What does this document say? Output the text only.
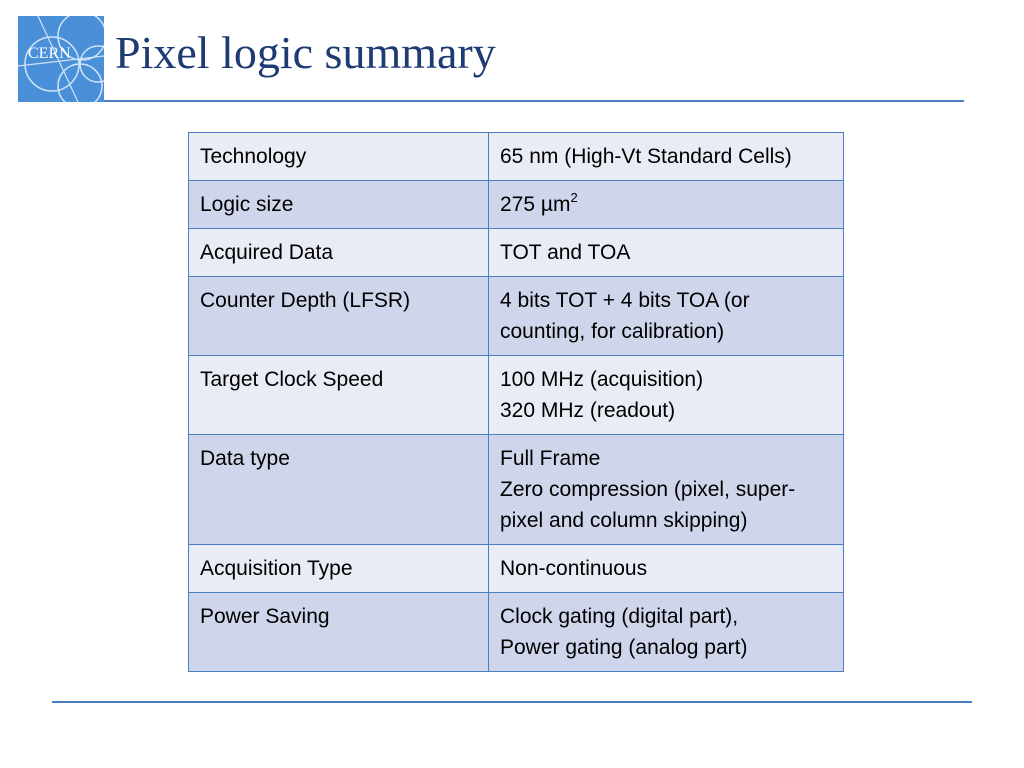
CERN Pixel logic summary
Technology	65 nm (High-Vt Standard Cells)

Logic size	275 µm$^2$
Acquired Data	TOT and TOA

Counter Depth (LFSR)	4 bits TOT + 4 bits TOA (or counting, for calibration)

Target Clock Speed	100 MHz (acquisition)
320 MHz (readout)

Data type	Full Frame
Zero compression (pixel, super-pixel and column skipping)

Acquisition Type	Non-continuous

Power Saving	Clock gating (digital part),
Power gating (analog part)
